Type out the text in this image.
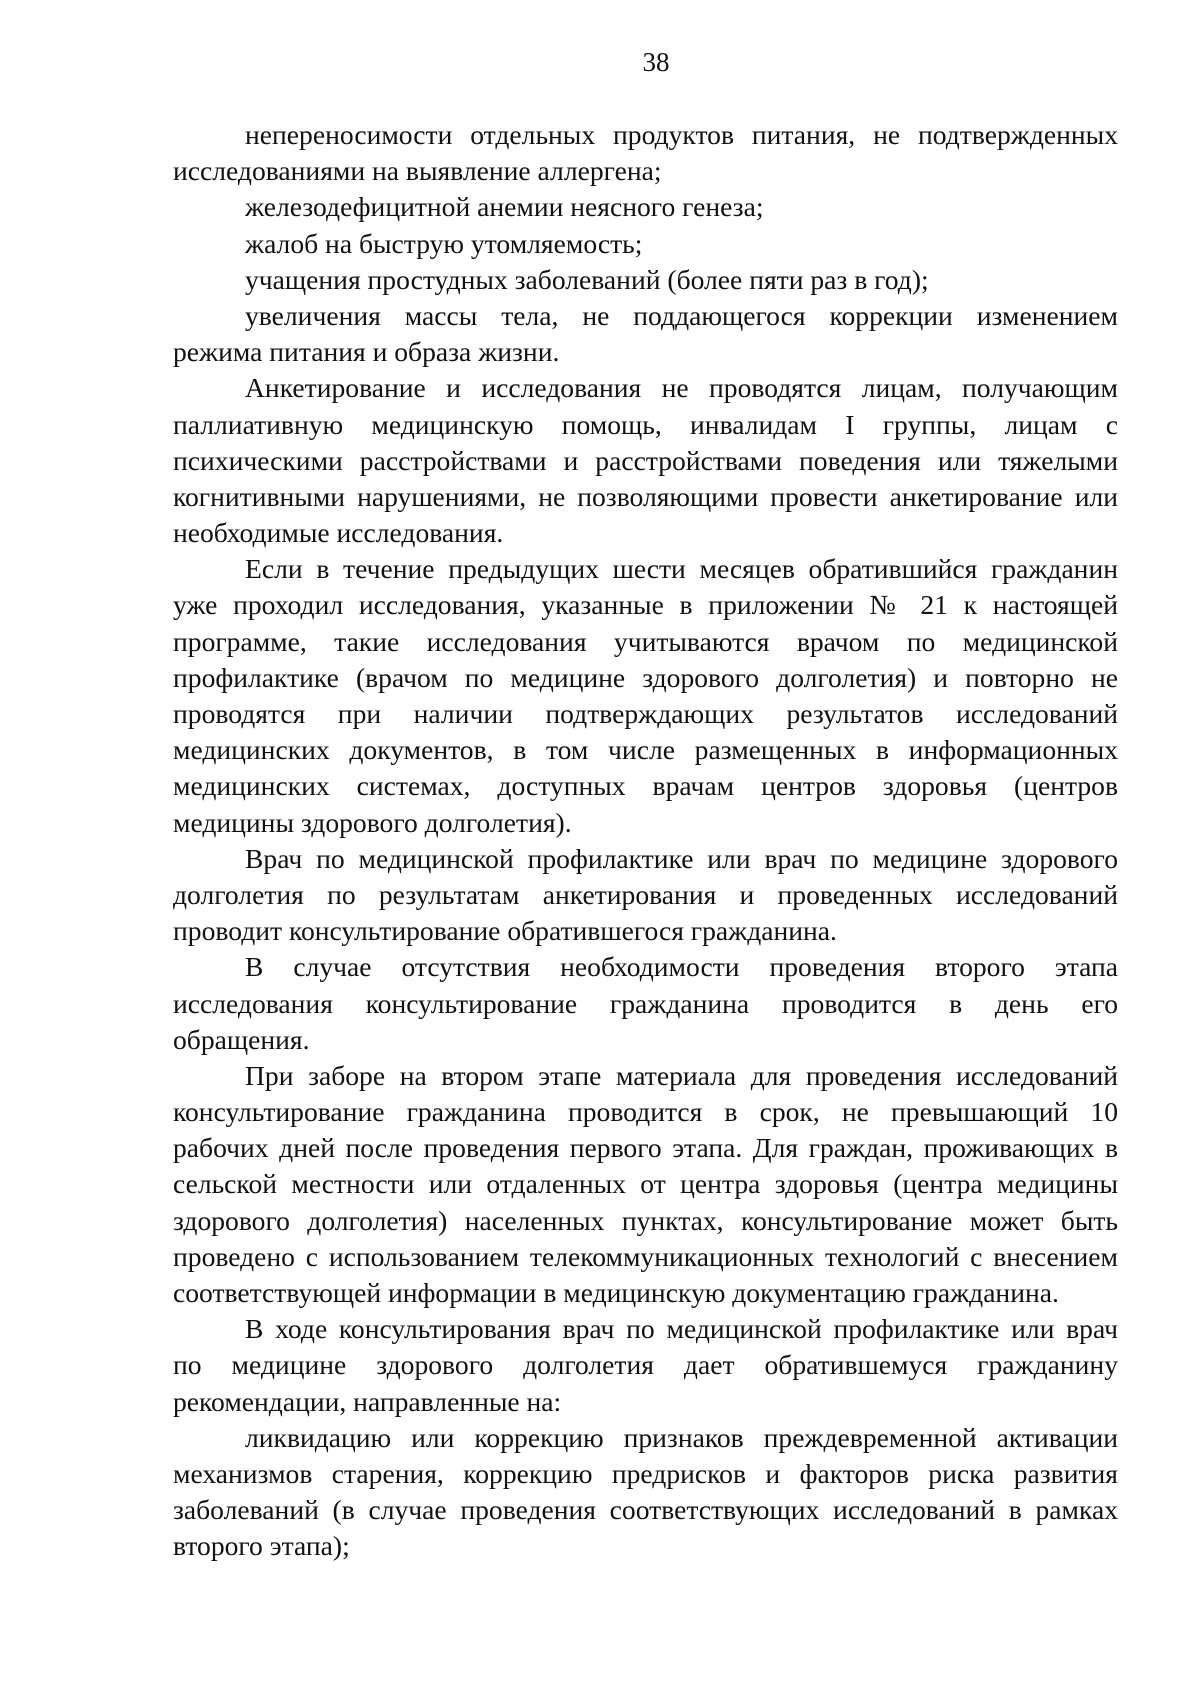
38
непереносимости отдельных продуктов питания, не подтвержденных
исследованиями на выявление аллергена;
железодефицитной анемии неясного генеза;
жалоб на быструю утомляемость;
учащения простудных заболеваний (более пяти раз в год);
увеличения массы тела, не поддающегося коррекции изменением
режима питания и образа жизни.
Анкетирование и исследования не проводятся лицам, получающим
паллиативную медицинскую помощь, инвалидам I группы, лицам с
психическими расстройствами и расстройствами поведения или тяжелыми
когнитивными нарушениями, не позволяющими провести анкетирование или
необходимые исследования.
Если в течение предыдущих шести месяцев обратившийся гражданин
уже проходил исследования, указанные в приложении № 21 к настоящей
программе, такие исследования учитываются врачом по медицинской
профилактике (врачом по медицине здорового долголетия) и повторно не
проводятся при наличии подтверждающих результатов исследований
медицинских документов, в том числе размещенных в информационных
медицинских системах, доступных врачам центров здоровья (центров
медицины здорового долголетия).
Врач по медицинской профилактике или врач по медицине здорового
долголетия по результатам анкетирования и проведенных исследований
проводит консультирование обратившегося гражданина.
В случае отсутствия необходимости проведения второго этапа
исследования консультирование гражданина проводится в день его
обращения.
При заборе на втором этапе материала для проведения исследований
консультирование гражданина проводится в срок, не превышающий 10
рабочих дней после проведения первого этапа. Для граждан, проживающих в
сельской местности или отдаленных от центра здоровья (центра медицины
здорового долголетия) населенных пунктах, консультирование может быть
проведено с использованием телекоммуникационных технологий с внесением
соответствующей информации в медицинскую документацию гражданина.
В ходе консультирования врач по медицинской профилактике или врач
по медицине здорового долголетия дает обратившемуся гражданину
рекомендации, направленные на:
ликвидацию или коррекцию признаков преждевременной активации
механизмов старения, коррекцию предрисков и факторов риска развития
заболеваний (в случае проведения соответствующих исследований в рамках
второго этапа);
